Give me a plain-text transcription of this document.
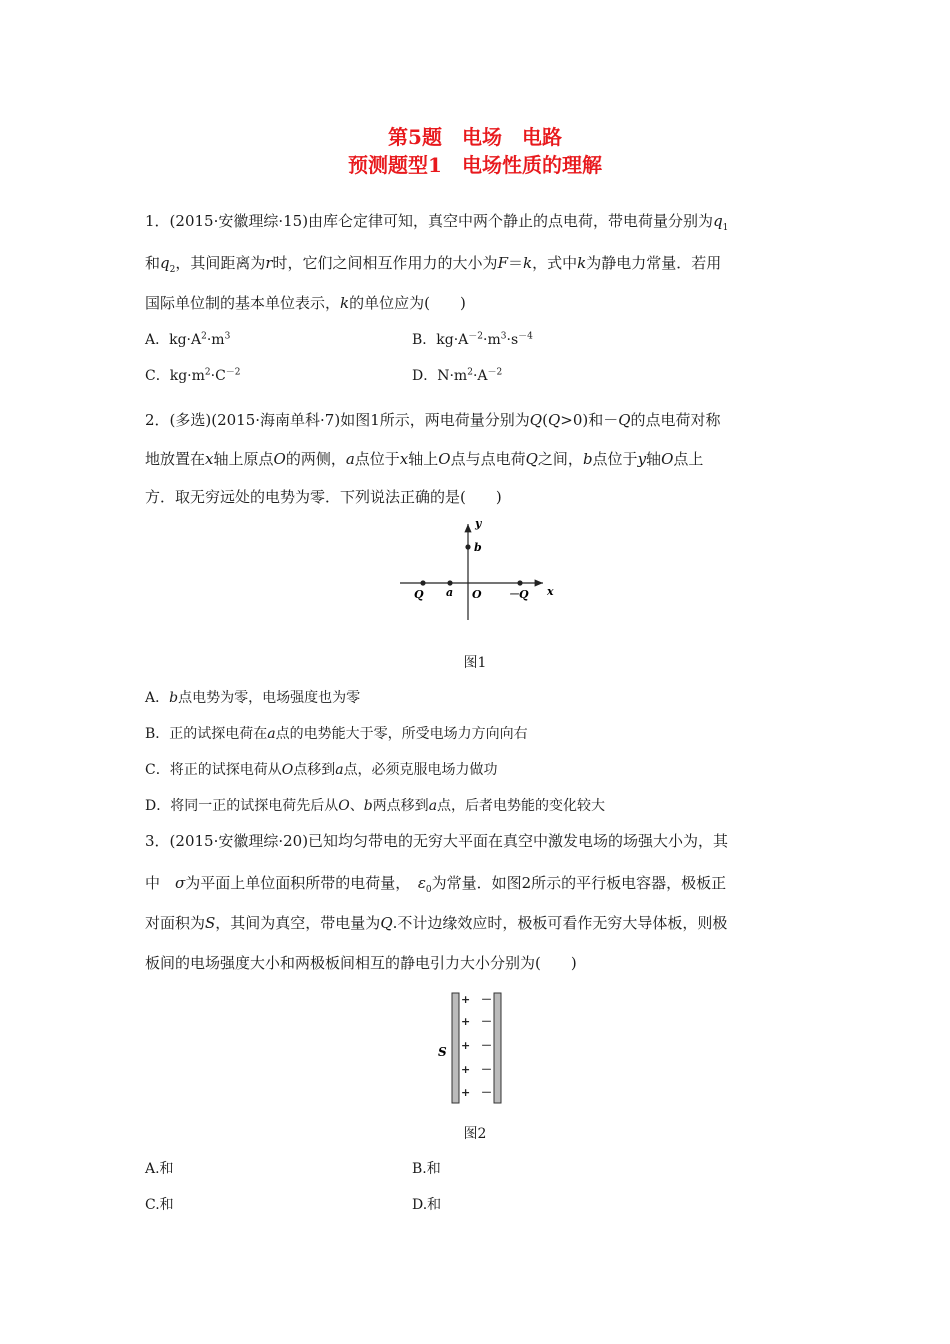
第5题　电场　电路
预测题型1　电场性质的理解
1．(2015·安徽理综·15)由库仑定律可知，真空中两个静止的点电荷，带电荷量分别为$q_1$
和$q_2$，其间距离为r时，它们之间相互作用力的大小为F＝k，式中k为静电力常量．若用
国际单位制的基本单位表示，k的单位应为(　　)
A．$kg\cdot A^2\cdot m^3$	B．$kg\cdot A^{-2}\cdot m^3\cdot s^{-4}$
C．$kg\cdot m^2\cdot C^{-2}$	D．$N\cdot m^2\cdot A^{-2}$
2．(多选)(2015·海南单科·7)如图1所示，两电荷量分别为Q(Q>0)和－Q的点电荷对称
地放置在x轴上原点O的两侧，a点位于x轴上O点与点电荷Q之间，b点位于y轴O点上
方．取无穷远处的电势为零．下列说法正确的是(　　)
y
b
Q a O －Q x
图1
A．b点电势为零，电场强度也为零
B．正的试探电荷在a点的电势能大于零，所受电场力方向向右
C．将正的试探电荷从O点移到a点，必须克服电场力做功
D．将同一正的试探电荷先后从O、b两点移到a点，后者电势能的变化较大
3．(2015·安徽理综·20)已知均匀带电的无穷大平面在真空中激发电场的场强大小为，其
中　 σ为平面上单位面积所带的电荷量，　 $\varepsilon_0$为常量．如图2所示的平行板电容器，极板正
对面积为S，其间为真空，带电量为Q.不计边缘效应时，极板可看作无穷大导体板，则极
板间的电场强度大小和两极板间相互的静电引力大小分别为(　　)
S
+
+
+
+
+
－
－
－
－
－
图2
A.和	B.和
C.和	D.和
